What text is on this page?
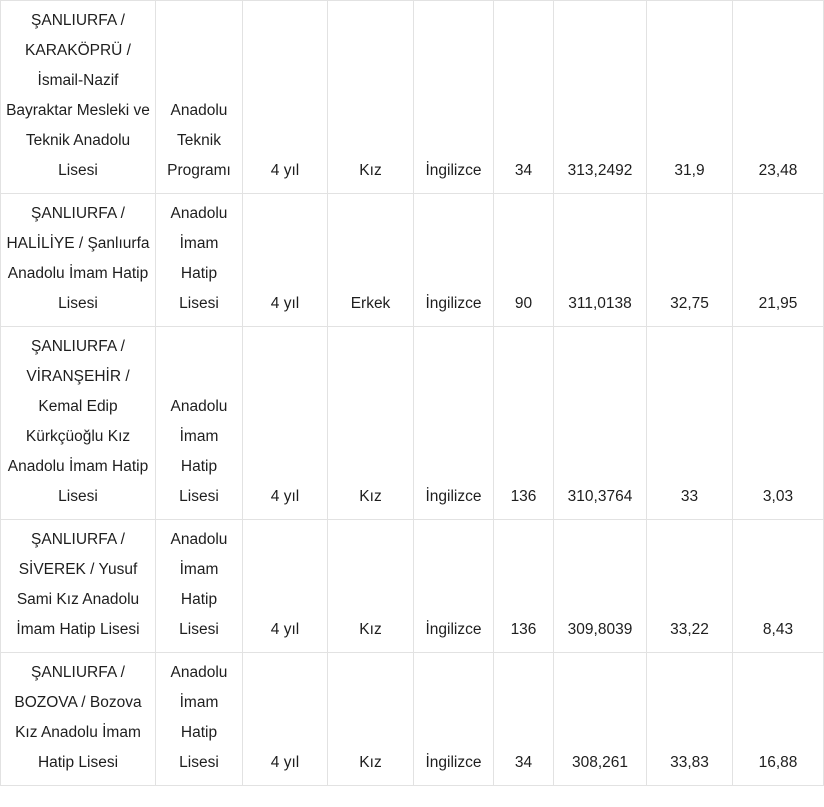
ŞANLIURFA / KARAKÖPRÜ / İsmail-Nazif Bayraktar Mesleki ve Teknik Anadolu Lisesi	Anadolu Teknik Programı	4 yıl	Kız	İngilizce	34	313,2492	31,9	23,48
ŞANLIURFA / HALİLİYE / Şanlıurfa Anadolu İmam Hatip Lisesi	Anadolu İmam Hatip Lisesi	4 yıl	Erkek	İngilizce	90	311,0138	32,75	21,95
ŞANLIURFA / VİRANŞEHİR / Kemal Edip Kürkçüoğlu Kız Anadolu İmam Hatip Lisesi	Anadolu İmam Hatip Lisesi	4 yıl	Kız	İngilizce	136	310,3764	33	3,03
ŞANLIURFA / SİVEREK / Yusuf Sami Kız Anadolu İmam Hatip Lisesi	Anadolu İmam Hatip Lisesi	4 yıl	Kız	İngilizce	136	309,8039	33,22	8,43
ŞANLIURFA / BOZOVA / Bozova Kız Anadolu İmam Hatip Lisesi	Anadolu İmam Hatip Lisesi	4 yıl	Kız	İngilizce	34	308,261	33,83	16,88
